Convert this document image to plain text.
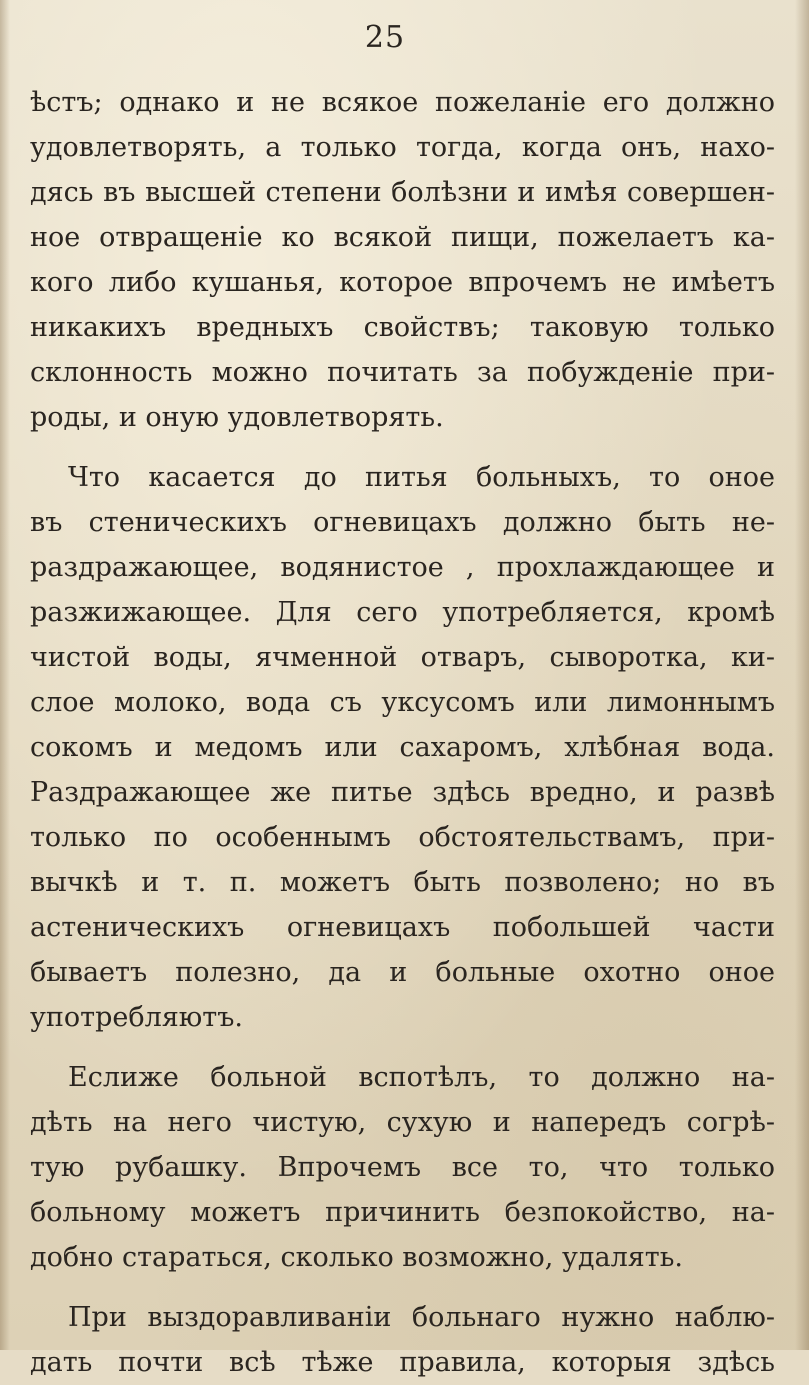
25

ѣстъ; однако и не всякое пожеланіе его должно
удовлетворять, а только тогда, когда онъ, нахо-
дясь въ высшей степени болѣзни и имѣя совершен-
ное отвращеніе ко всякой пищи, пожелаетъ ка-
кого либо кушанья, которое впрочемъ не имѣетъ
никакихъ вредныхъ свойствъ; таковую только
склонность можно почитать за побужденіе при-
роды, и оную удовлетворять.

Что касается до питья больныхъ, то оное
въ стеническихъ огневицахъ должно быть не-
раздражающее, водянистое , прохлаждающее и
разжижающее. Для сего употребляется, кромѣ
чистой воды, ячменной отваръ, сыворотка, ки-
слое молоко, вода съ уксусомъ или лимоннымъ
сокомъ и медомъ или сахаромъ, хлѣбная вода.
Раздражающее же питье здѣсь вредно, и развѣ
только по особеннымъ обстоятельствамъ, при-
вычкѣ и т. п. можетъ быть позволено; но въ
астеническихъ огневицахъ побольшей части
бываетъ полезно, да и больные охотно оное
употребляютъ.

Еслиже больной вспотѣлъ, то должно на-
дѣть на него чистую, сухую и напередъ согрѣ-
тую рубашку. Впрочемъ все то, что только
больному можетъ причинить безпокойство, на-
добно стараться, сколько возможно, удалять.

При выздоравливаніи больнаго нужно наблю-
дать почти всѣ тѣже правила, которыя здѣсь
